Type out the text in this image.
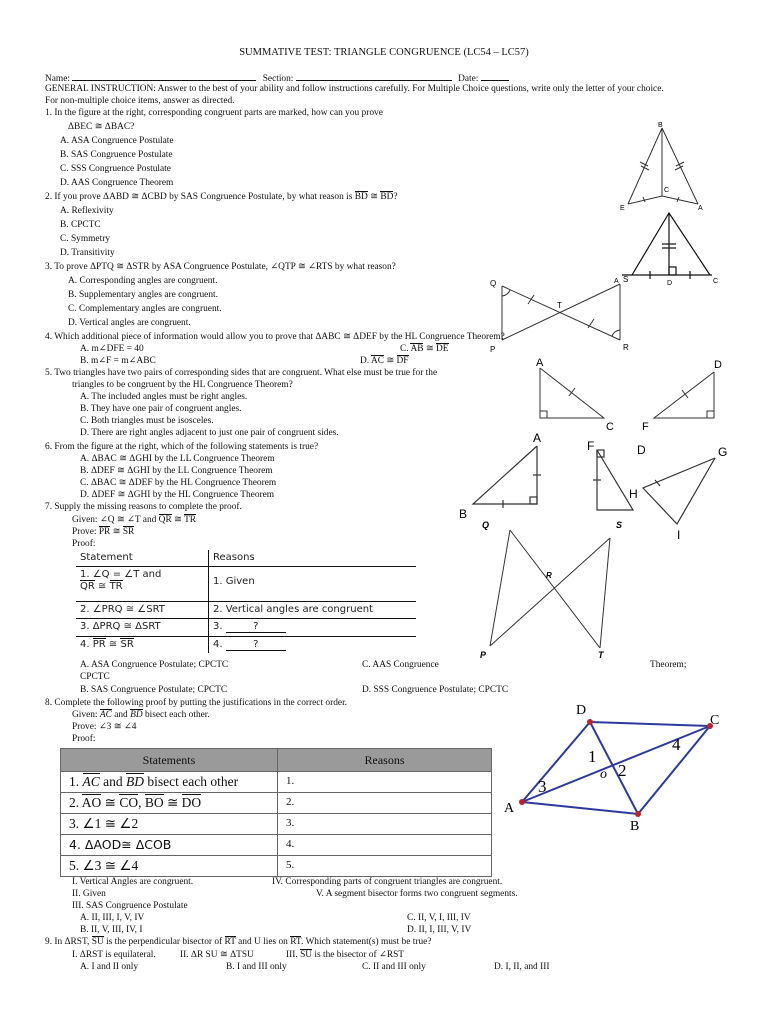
SUMMATIVE TEST: TRIANGLE CONGRUENCE (LC54 – LC57)
Name:	Section:	Date:
GENERAL INSTRUCTION: Answer to the best of your ability and follow instructions carefully. For Multiple Choice questions, write only the letter of your choice.
For non-multiple choice items, answer as directed.
1. In the figure at the right, corresponding congruent parts are marked, how can you prove
ΔBEC ≅ ΔBAC?
A. ASA Congruence Postulate
B. SAS Congruence Postulate
C. SSS Congruence Postulate
D. AAS Congruence Theorem
2. If you prove ΔABD ≅ ΔCBD by SAS Congruence Postulate, by what reason is BD ≅ BD?
A. Reflexivity
B. CPCTC
C. Symmetry
D. Transitivity
3. To prove ΔPTQ ≅ ΔSTR by ASA Congruence Postulate, ∠QTP ≅ ∠RTS by what reason?
A. Corresponding angles are congruent.
B. Supplementary angles are congruent.
C. Complementary angles are congruent.
D. Vertical angles are congruent.
4. Which additional piece of information would allow you to prove that ΔABC ≅ ΔDEF by the HL Congruence Theorem?
A. m∠DFE = 40
B. m∠F = m∠ABC
C. AB ≅ DE
D. AC ≅ DF
5. Two triangles have two pairs of corresponding sides that are congruent. What else must be true for the
triangles to be congruent by the HL Congruence Theorem?
A. The included angles must be right angles.
B. They have one pair of congruent angles.
C. Both triangles must be isosceles.
D. There are right angles adjacent to just one pair of congruent sides.
6. From the figure at the right, which of the following statements is true?
A. ΔBAC ≅ ΔGHI by the LL Congruence Theorem
B. ΔDEF ≅ ΔGHI by the LL Congruence Theorem
C. ΔBAC ≅ ΔDEF by the HL Congruence Theorem
D. ΔDEF ≅ ΔGHI by the HL Congruence Theorem
7. Supply the missing reasons to complete the proof.
Given: ∠Q ≅ ∠T and QR ≅ TR
Prove: PR ≅ SR
Proof:
Statement	Reasons

1. ∠Q = ∠T and
QR ≅ TR	1. Given
2. ∠PRQ ≅ ∠SRT	2. Vertical angles are congruent
3. ΔPRQ ≅ ΔSRT	3. ?
4. PR ≅ SR	4. ?
A. ASA Congruence Postulate; CPCTC	C. AAS Congruence	Theorem;
CPCTC
B. SAS Congruence Postulate; CPCTC	D. SSS Congruence Postulate; CPCTC
8. Complete the following proof by putting the justifications in the correct order.
Given: AC and BD bisect each other.
Prove: ∠3 ≅ ∠4
Proof:
Statements	Reasons
1. AC and BD bisect each other	1.
2. AO ≅ CO, BO ≅ DO	2.
3. ∠1 ≅ ∠2	3.
4. ΔAOD≅ ΔCOB	4.
5. ∠3 ≅ ∠4	5.
I. Vertical Angles are congruent.	IV. Corresponding parts of congruent triangles are congruent.
II. Given	V. A segment bisector forms two congruent segments.
III. SAS Congruence Postulate
A. II, III, I, V, IV	C. II, V, I, III, IV
B. II, V, III, IV, I	D. II, I, III, V, IV
9. In ΔRST, SU is the perpendicular bisector of RT and U lies on RT. Which statement(s) must be true?
I. ΔRST is equilateral.	II. ΔR SU ≅ ΔTSU	III. SU is the bisector of ∠RST
A. I and II only	B. I and III only	C. II and III only	D. I, II, and III
B
C
E	A
A	D	C
Q	S
T
P	R
A	D
C	F
A
F	D	G
H
B
I
Q	S
R
P	T
D
C
1
2
o
3
4
A
B
